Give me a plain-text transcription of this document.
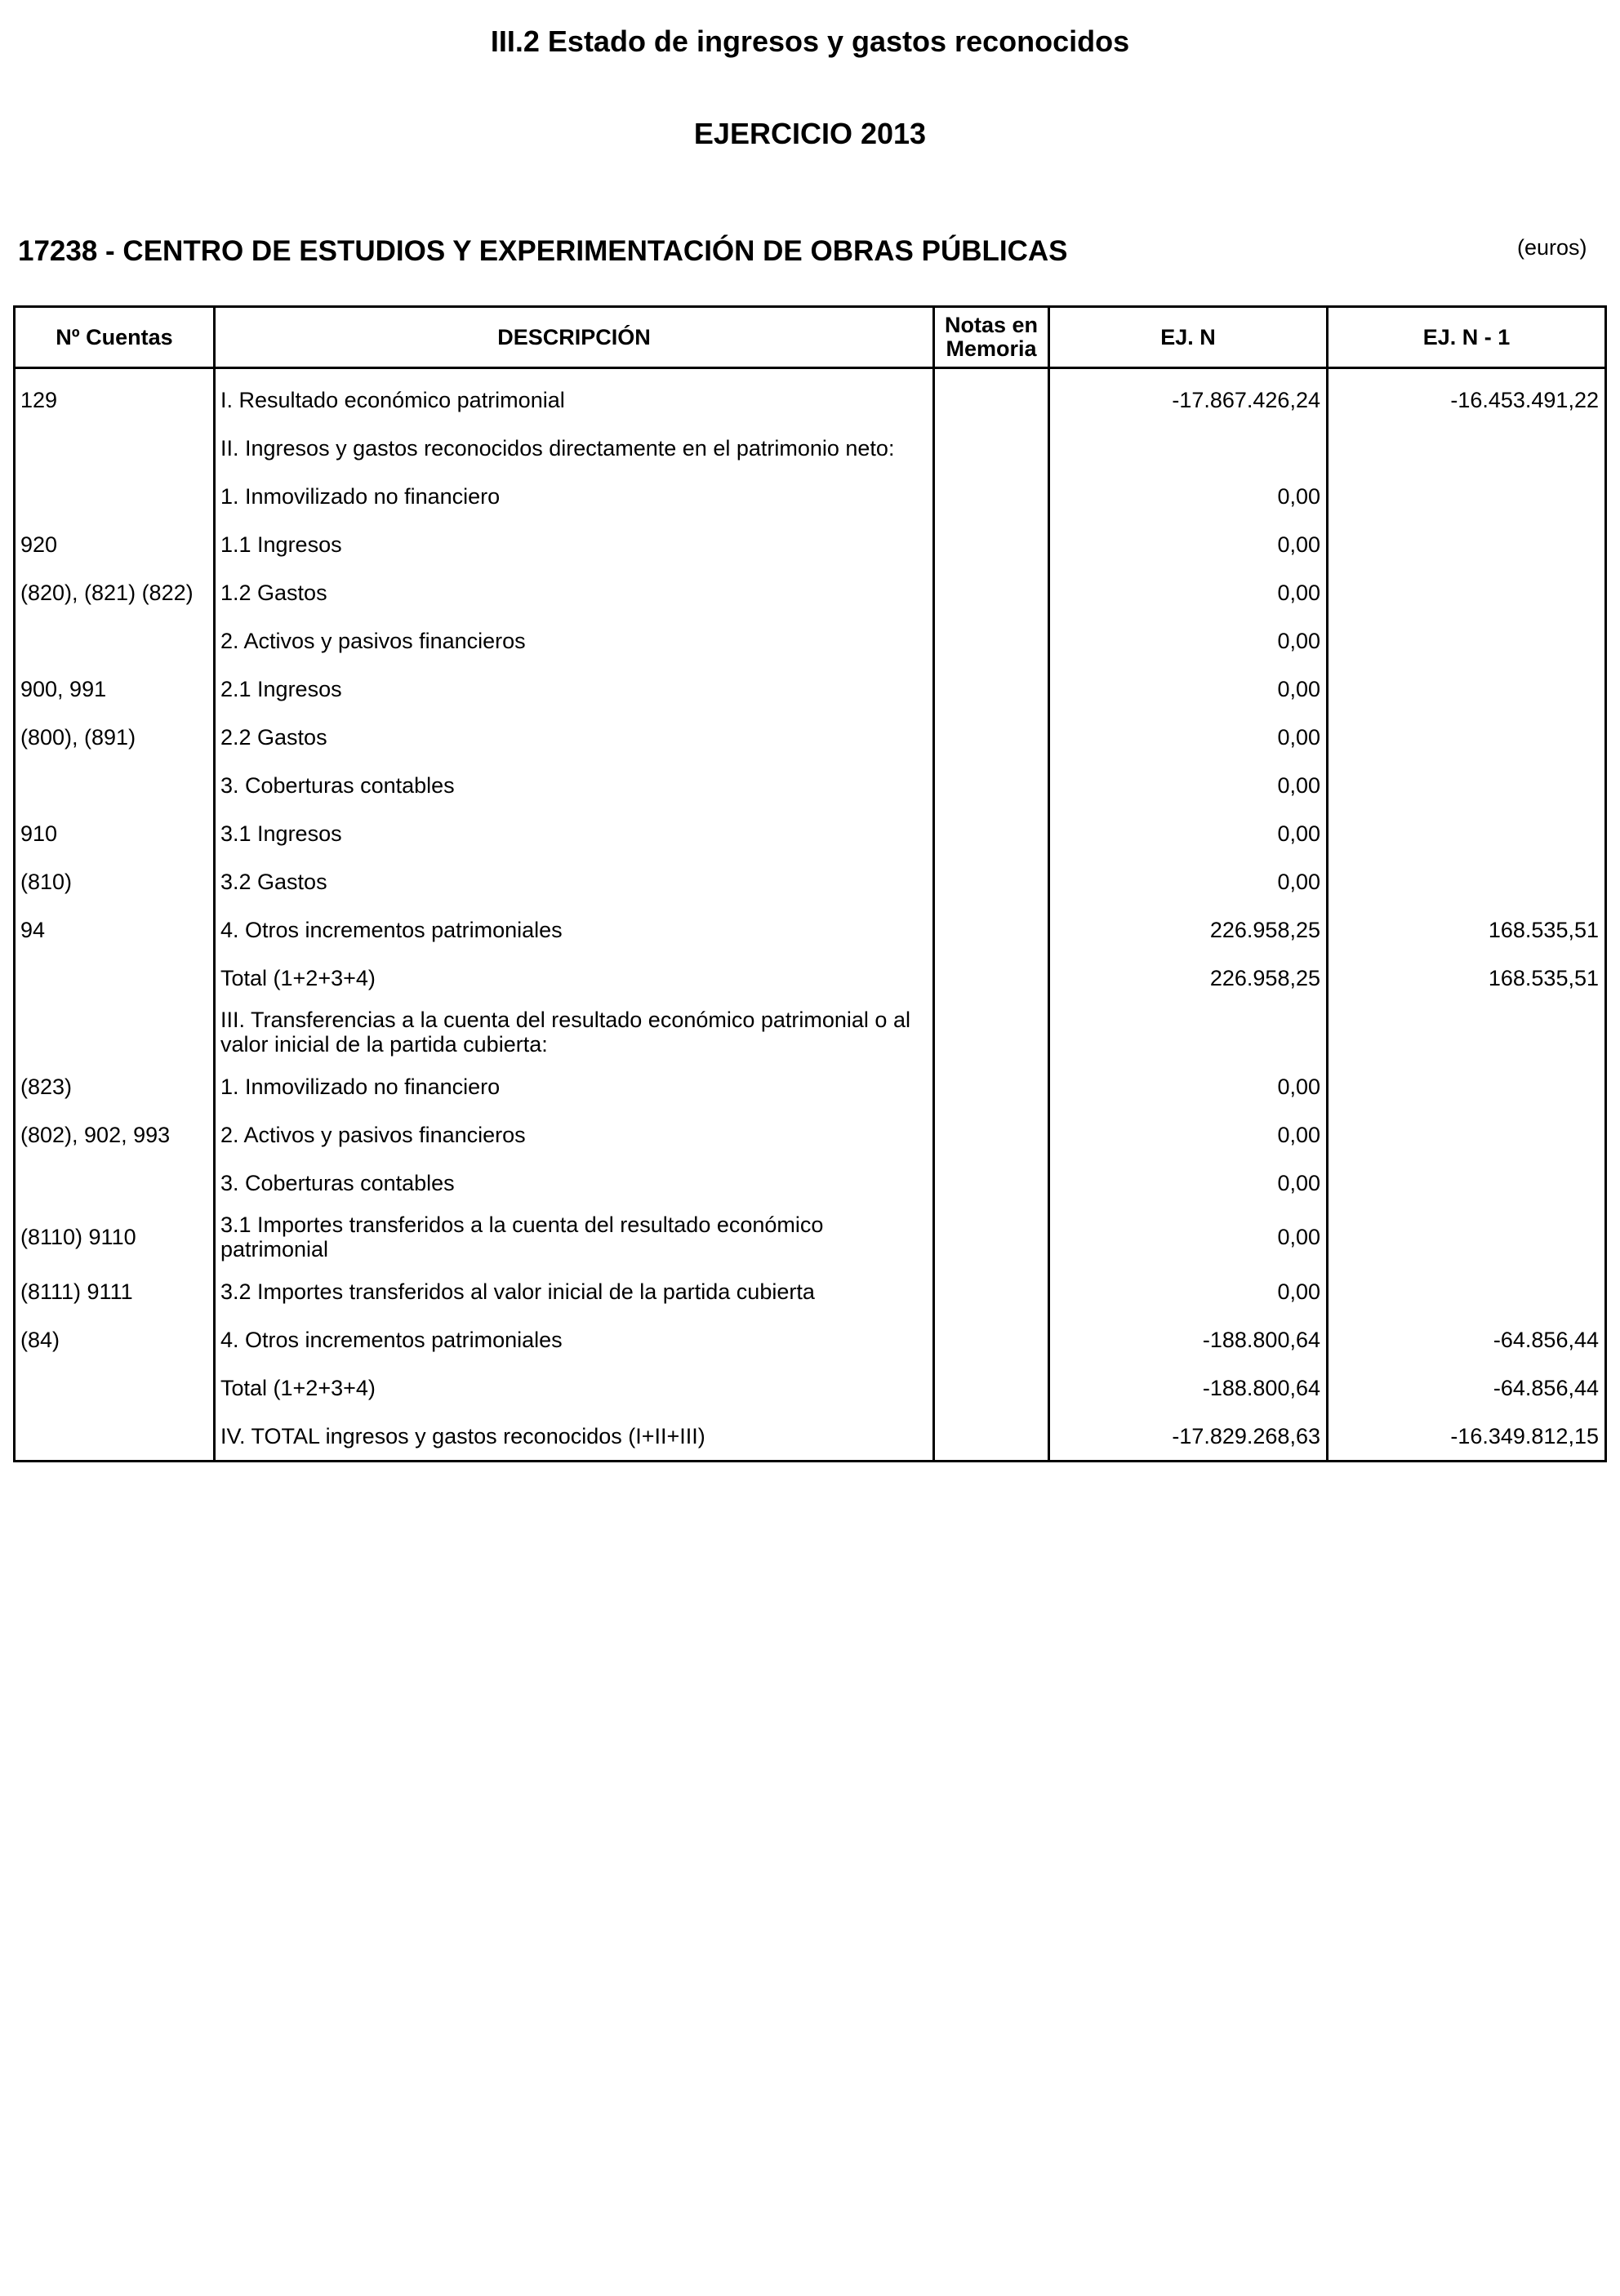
III.2 Estado de ingresos y gastos reconocidos
EJERCICIO 2013
17238 - CENTRO DE ESTUDIOS Y EXPERIMENTACIÓN DE OBRAS PÚBLICAS	(euros)
Nº Cuentas	DESCRIPCIÓN	Notas en Memoria	EJ. N	EJ. N - 1
129	I. Resultado económico patrimonial		-17.867.426,24	-16.453.491,22
	II. Ingresos y gastos reconocidos directamente en el patrimonio neto:			
	1. Inmovilizado no financiero		0,00	
920	1.1 Ingresos		0,00	
(820), (821) (822)	1.2 Gastos		0,00	
	2. Activos y pasivos financieros		0,00	
900, 991	2.1 Ingresos		0,00	
(800), (891)	2.2 Gastos		0,00	
	3. Coberturas contables		0,00	
910	3.1 Ingresos		0,00	
(810)	3.2 Gastos		0,00	
94	4. Otros incrementos patrimoniales		226.958,25	168.535,51
	Total (1+2+3+4)		226.958,25	168.535,51
	III. Transferencias a la cuenta del resultado económico patrimonial o al valor inicial de la partida cubierta:			
(823)	1. Inmovilizado no financiero		0,00	
(802), 902, 993	2. Activos y pasivos financieros		0,00	
	3. Coberturas contables		0,00	
(8110) 9110	3.1 Importes transferidos a la cuenta del resultado económico patrimonial		0,00	
(8111) 9111	3.2 Importes transferidos al valor inicial de la partida cubierta		0,00	
(84)	4. Otros incrementos patrimoniales		-188.800,64	-64.856,44
	Total (1+2+3+4)		-188.800,64	-64.856,44
	IV. TOTAL ingresos y gastos reconocidos (I+II+III)		-17.829.268,63	-16.349.812,15
